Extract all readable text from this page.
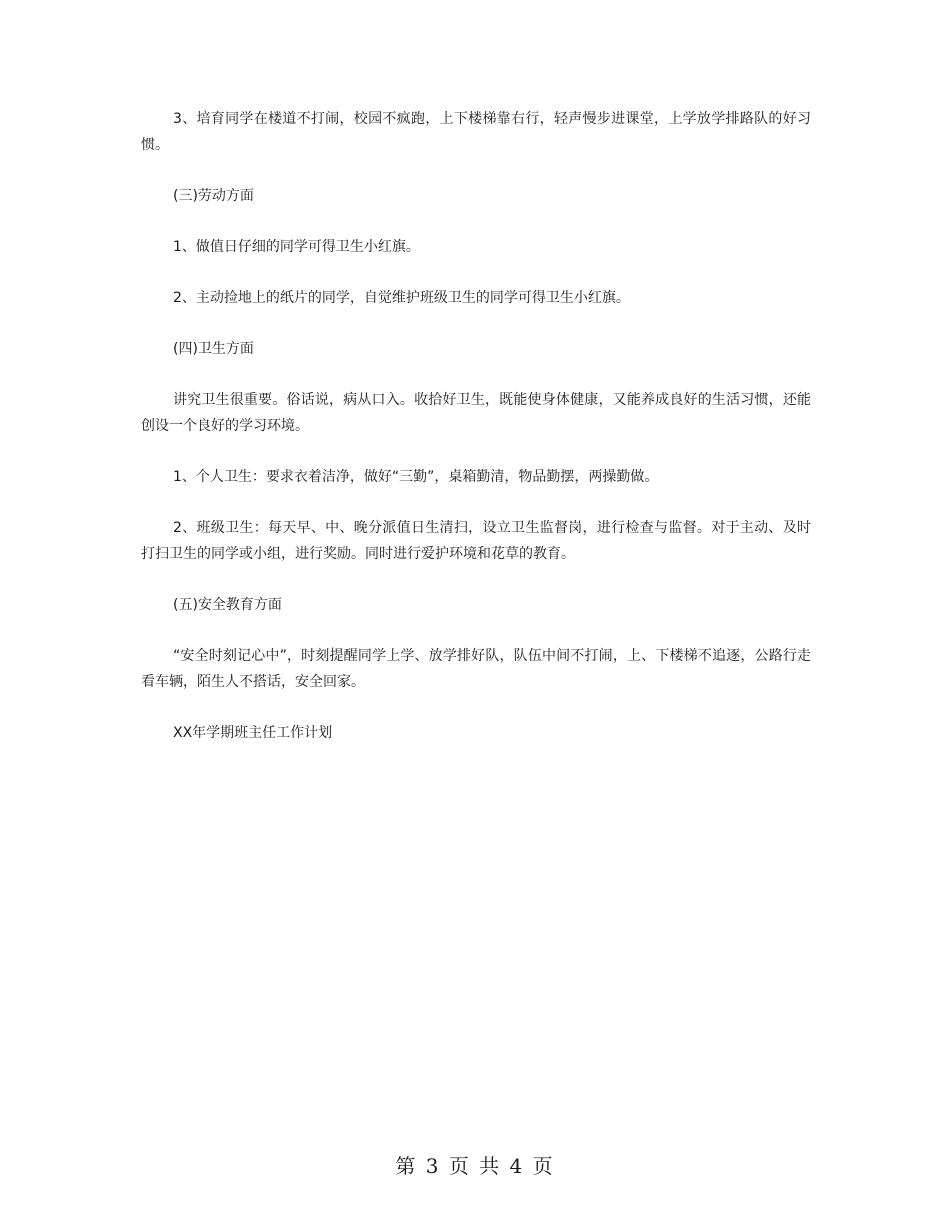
3、培育同学在楼道不打闹，校园不疯跑，上下楼梯靠右行，轻声慢步进课堂，上学放学排路队的好习惯。

(三)劳动方面

1、做值日仔细的同学可得卫生小红旗。

2、主动捡地上的纸片的同学，自觉维护班级卫生的同学可得卫生小红旗。

(四)卫生方面

讲究卫生很重要。俗话说，病从口入。收拾好卫生，既能使身体健康，又能养成良好的生活习惯，还能创设一个良好的学习环境。

1、个人卫生：要求衣着洁净，做好“三勤”，桌箱勤清，物品勤摆，两操勤做。

2、班级卫生：每天早、中、晚分派值日生清扫，设立卫生监督岗，进行检查与监督。对于主动、及时打扫卫生的同学或小组，进行奖励。同时进行爱护环境和花草的教育。

(五)安全教育方面

“安全时刻记心中”，时刻提醒同学上学、放学排好队，队伍中间不打闹，上、下楼梯不追逐，公路行走看车辆，陌生人不搭话，安全回家。

XX年学期班主任工作计划

第 3 页 共 4 页
